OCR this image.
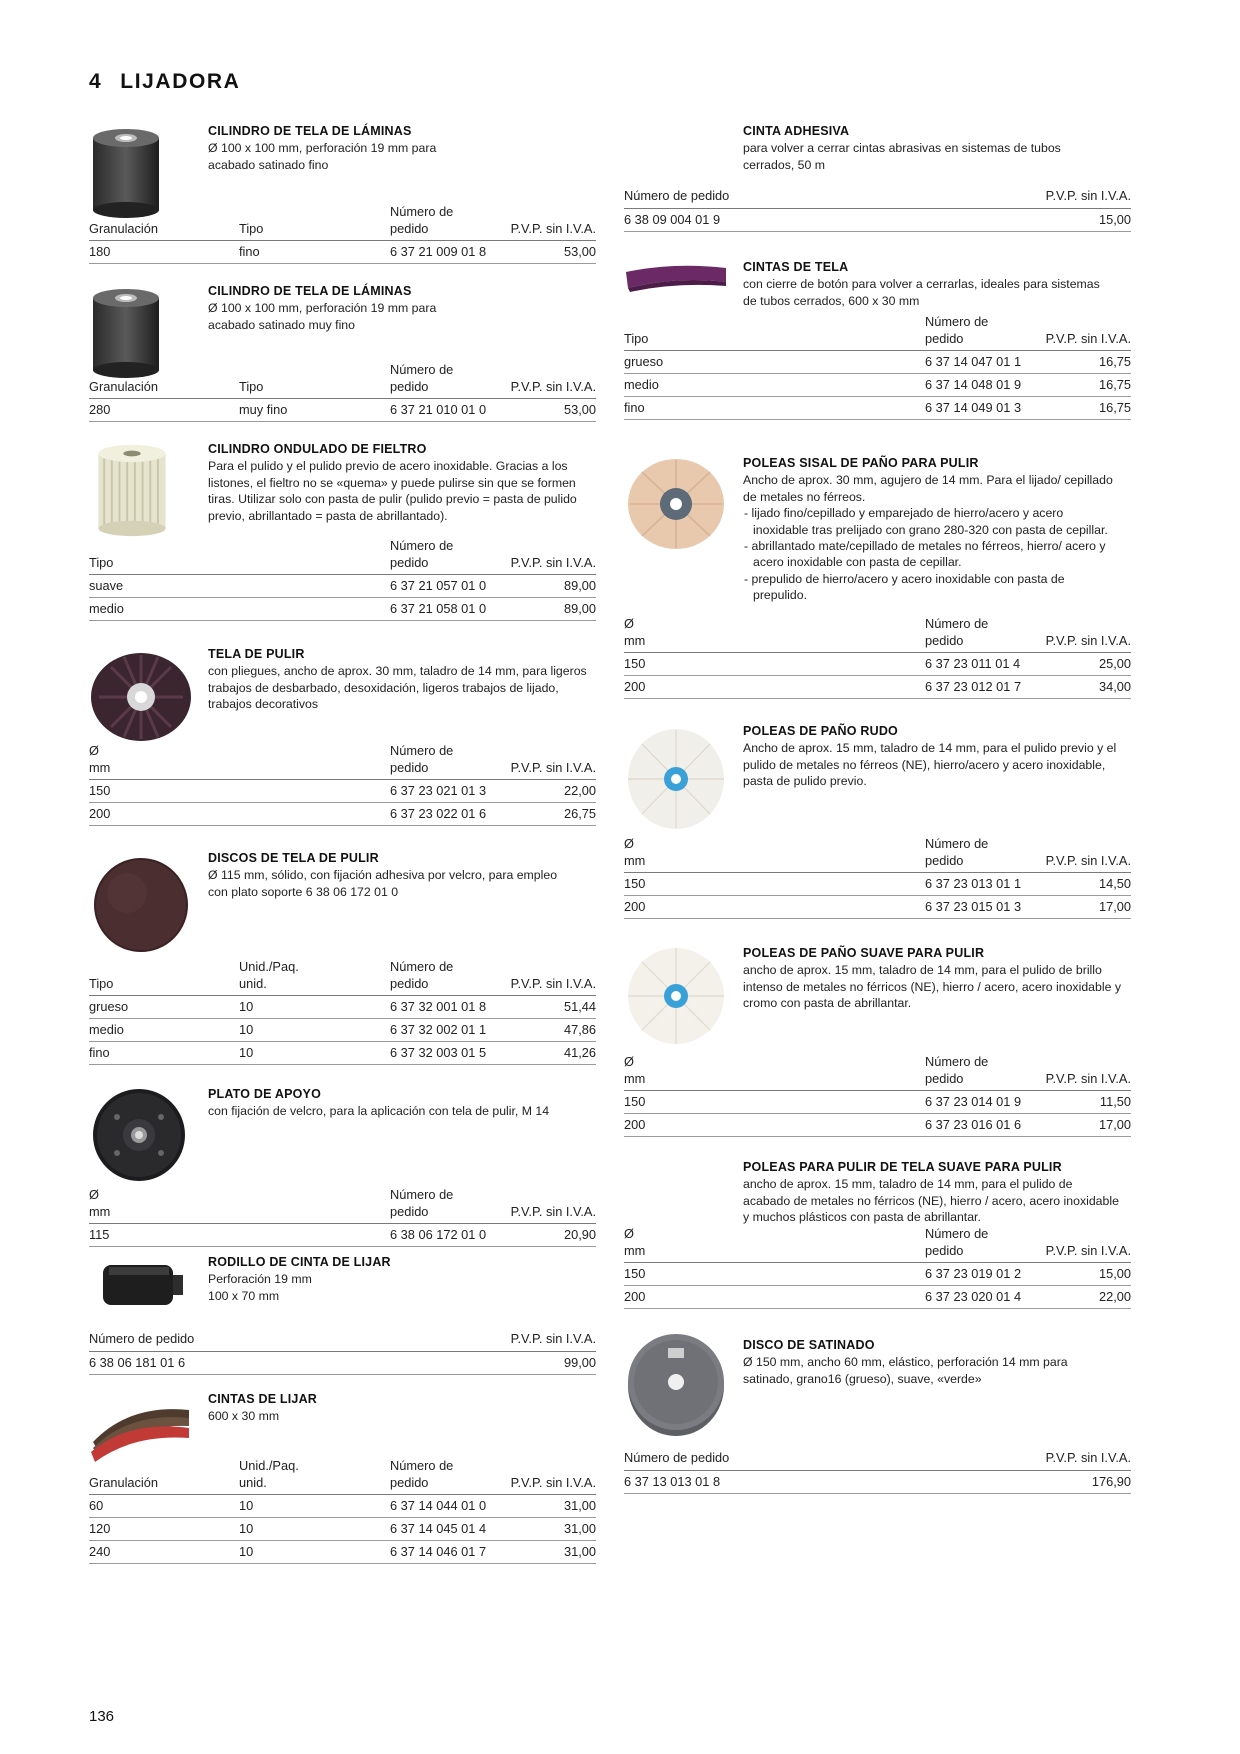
4 LIJADORA
CILINDRO DE TELA DE LÁMINAS
Ø 100 x 100 mm, perforación 19 mm para acabado satinado fino
Granulación	Tipo	Número de
pedido	P.V.P. sin I.V.A.
180	fino	6 37 21 009 01 8	53,00
CILINDRO DE TELA DE LÁMINAS
Ø 100 x 100 mm, perforación 19 mm para acabado satinado muy fino
Granulación	Tipo	Número de
pedido	P.V.P. sin I.V.A.
280	muy fino	6 37 21 010 01 0	53,00
CILINDRO ONDULADO DE FIELTRO
Para el pulido y el pulido previo de acero inoxidable. Gracias a los listones, el fieltro no se «quema» y puede pulirse sin que se formen tiras. Utilizar solo con pasta de pulir (pulido previo = pasta de pulido previo, abrillantado = pasta de abrillantado).
Tipo	Número de
pedido	P.V.P. sin I.V.A.
suave	6 37 21 057 01 0	89,00
medio	6 37 21 058 01 0	89,00
TELA DE PULIR
con pliegues, ancho de aprox. 30 mm, taladro de 14 mm, para ligeros trabajos de desbarbado, desoxidación, ligeros trabajos de lijado, trabajos decorativos
Ø
mm	Número de
pedido	P.V.P. sin I.V.A.
150	6 37 23 021 01 3	22,00
200	6 37 23 022 01 6	26,75
DISCOS DE TELA DE PULIR
Ø 115 mm, sólido, con fijación adhesiva por velcro, para empleo con plato soporte 6 38 06 172 01 0
Tipo	Unid./Paq.
unid.	Número de
pedido	P.V.P. sin I.V.A.
grueso	10	6 37 32 001 01 8	51,44
medio	10	6 37 32 002 01 1	47,86
fino	10	6 37 32 003 01 5	41,26
PLATO DE APOYO
con fijación de velcro, para la aplicación con tela de pulir, M 14
Ø
mm	Número de
pedido	P.V.P. sin I.V.A.
115	6 38 06 172 01 0	20,90
RODILLO DE CINTA DE LIJAR
Perforación 19 mm
100 x 70 mm
Número de pedido	P.V.P. sin I.V.A.
6 38 06 181 01 6	99,00
CINTAS DE LIJAR
600 x 30 mm
Granulación	Unid./Paq.
unid.	Número de
pedido	P.V.P. sin I.V.A.
60	10	6 37 14 044 01 0	31,00
120	10	6 37 14 045 01 4	31,00
240	10	6 37 14 046 01 7	31,00
CINTA ADHESIVA
para volver a cerrar cintas abrasivas en sistemas de tubos cerrados, 50 m
Número de pedido	P.V.P. sin I.V.A.
6 38 09 004 01 9	15,00
CINTAS DE TELA
con cierre de botón para volver a cerrarlas, ideales para sistemas de tubos cerrados, 600 x 30 mm
Tipo	Número de
pedido	P.V.P. sin I.V.A.
grueso	6 37 14 047 01 1	16,75
medio	6 37 14 048 01 9	16,75
fino	6 37 14 049 01 3	16,75
POLEAS SISAL DE PAÑO PARA PULIR
Ancho de aprox. 30 mm, agujero de 14 mm. Para el lijado/ cepillado de metales no férreos.
- lijado fino/cepillado y emparejado de hierro/acero y acero inoxidable tras prelijado con grano 280-320 con pasta de cepillar.
- abrillantado mate/cepillado de metales no férreos, hierro/ acero y acero inoxidable con pasta de cepillar.
- prepulido de hierro/acero y acero inoxidable con pasta de prepulido.
Ø
mm	Número de
pedido	P.V.P. sin I.V.A.
150	6 37 23 011 01 4	25,00
200	6 37 23 012 01 7	34,00
POLEAS DE PAÑO RUDO
Ancho de aprox. 15 mm, taladro de 14 mm, para el pulido previo y el pulido de metales no férreos (NE), hierro/acero y acero inoxidable, pasta de pulido previo.
Ø
mm	Número de
pedido	P.V.P. sin I.V.A.
150	6 37 23 013 01 1	14,50
200	6 37 23 015 01 3	17,00
POLEAS DE PAÑO SUAVE PARA PULIR
ancho de aprox. 15 mm, taladro de 14 mm, para el pulido de brillo intenso de metales no férricos (NE), hierro / acero, acero inoxidable y cromo con pasta de abrillantar.
Ø
mm	Número de
pedido	P.V.P. sin I.V.A.
150	6 37 23 014 01 9	11,50
200	6 37 23 016 01 6	17,00
POLEAS PARA PULIR DE TELA SUAVE PARA PULIR
ancho de aprox. 15 mm, taladro de 14 mm, para el pulido de acabado de metales no férricos (NE), hierro / acero, acero inoxidable y muchos plásticos con pasta de abrillantar.
Ø
mm	Número de
pedido	P.V.P. sin I.V.A.
150	6 37 23 019 01 2	15,00
200	6 37 23 020 01 4	22,00
DISCO DE SATINADO
Ø 150 mm, ancho 60 mm, elástico, perforación 14 mm para satinado, grano16 (grueso), suave, «verde»
Número de pedido	P.V.P. sin I.V.A.
6 37 13 013 01 8	176,90
136
